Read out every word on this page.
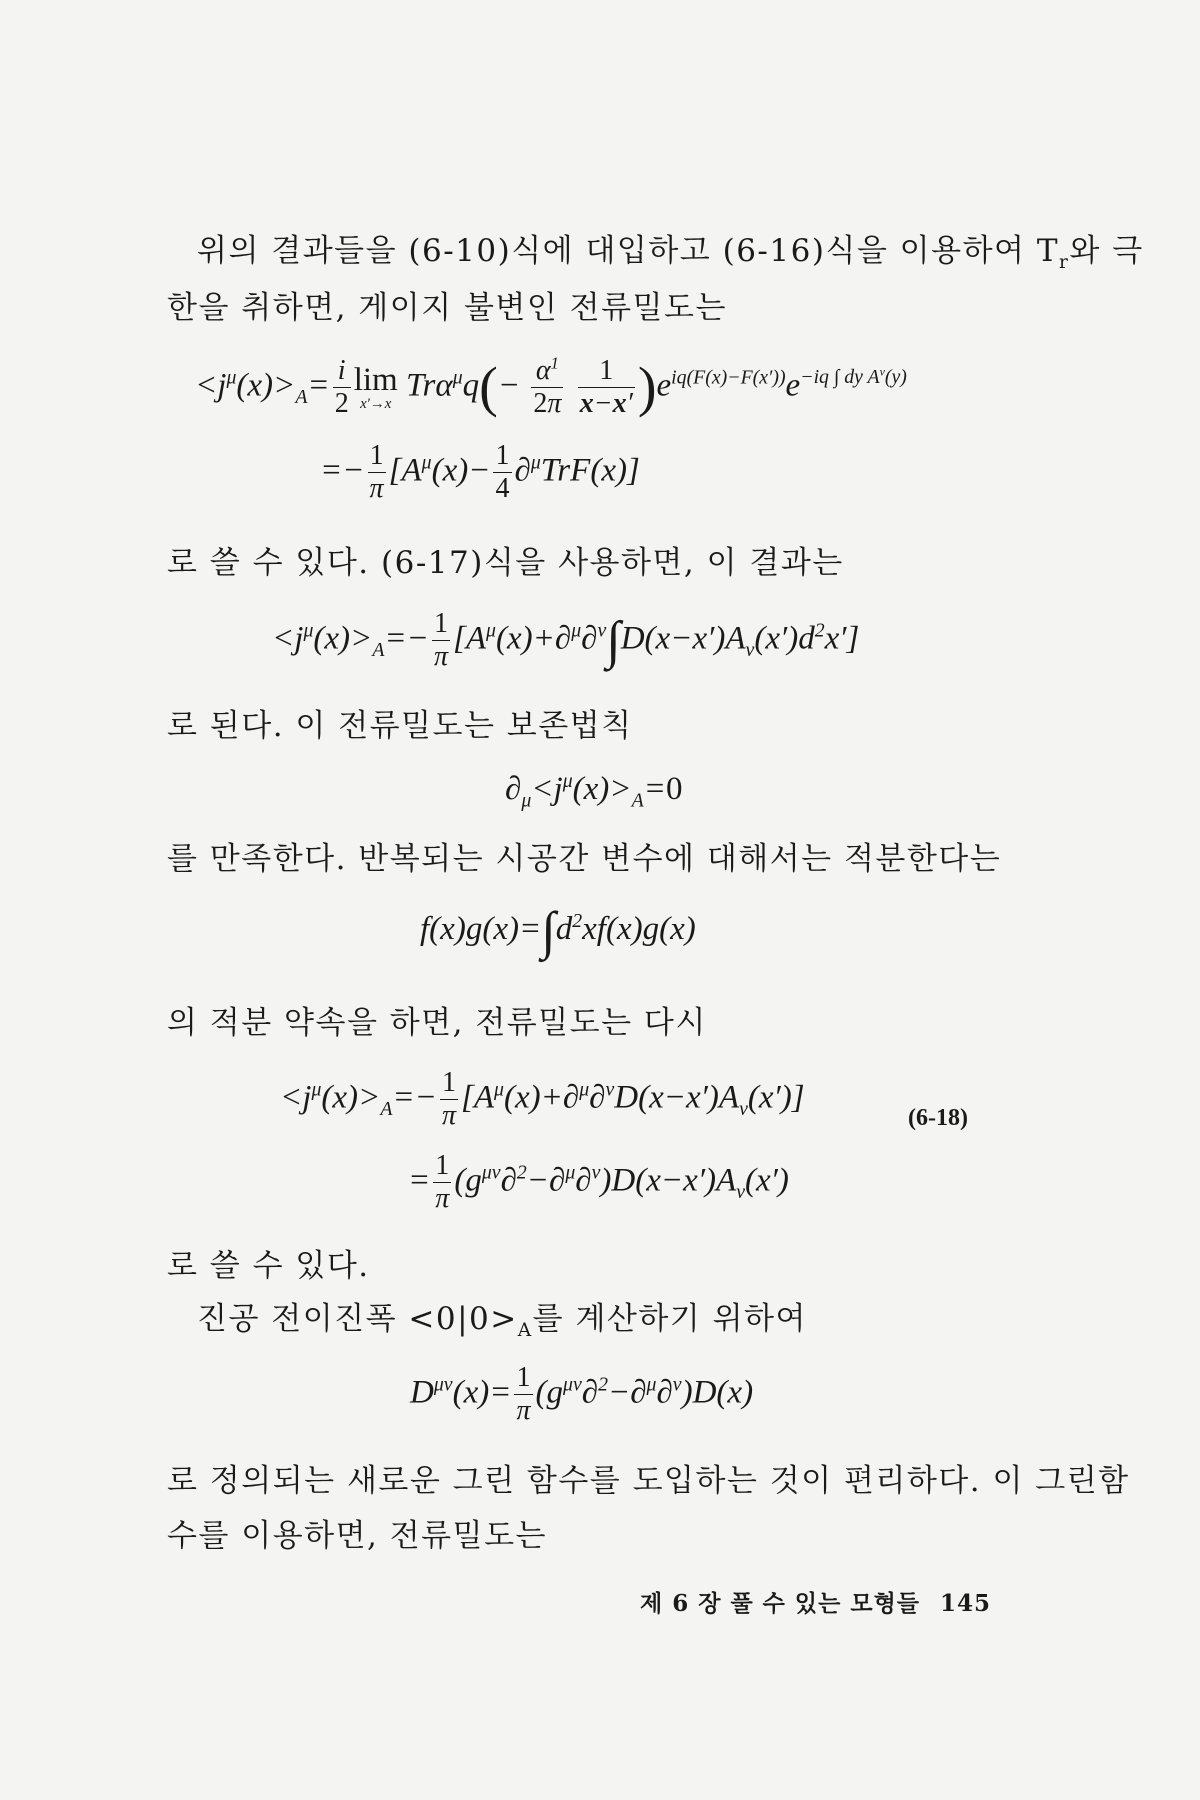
위의 결과들을 (6-10)식에 대입하고 (6-16)식을 이용하여 $T_r$와 극

한을 취하면, 게이지 불변인 전류밀도는

$<j^\mu(x)>_A= \frac{i}{2}$ lim
x′→x
$Tr\alpha^\mu q(- \frac{\alpha^1}{2\pi}$
$\frac{1}{x-x'} )e^{iq(F(x)-F(x'))}e^{-iq \int dy A^\nu(y)}$
=− $\frac{1}{\pi} [A^\mu(x)- \frac{1}{4} \partial^\mu TrF(x)]$

로 쓸 수 있다. (6-17)식을 사용하면, 이 결과는

$<j^\mu(x)>_A=- \frac{1}{\pi} [A^\mu(x)+\partial^\mu\partial^\nu\int D(x-x')A_\nu(x')d^2x']$

로 된다. 이 전류밀도는 보존법칙

$\partial_\mu<j^\mu(x)>_A=0$

를 만족한다. 반복되는 시공간 변수에 대해서는 적분한다는

$f(x)g(x)=\int d^2xf(x)g(x)$

의 적분 약속을 하면, 전류밀도는 다시

$<j^\mu(x)>_A=- \frac{1}{\pi} [A^\mu(x)+\partial^\mu\partial^\nu D(x-x')A_\nu(x')]$
= $\frac{1}{\pi} (g^{\mu\nu}\partial^2-\partial^\mu\partial^\nu)D(x-x')A_\nu(x')$
(6-18)

로 쓸 수 있다.

진공 전이진폭 $<0|0>_A$를 계산하기 위하여

$D^{\mu\nu}(x)= \frac{1}{\pi} (g^{\mu\nu}\partial^2-\partial^\mu\partial^\nu)D(x)$

로 정의되는 새로운 그린 함수를 도입하는 것이 편리하다. 이 그린함

수를 이용하면, 전류밀도는

제 6 장 풀 수 있는 모형들 145
